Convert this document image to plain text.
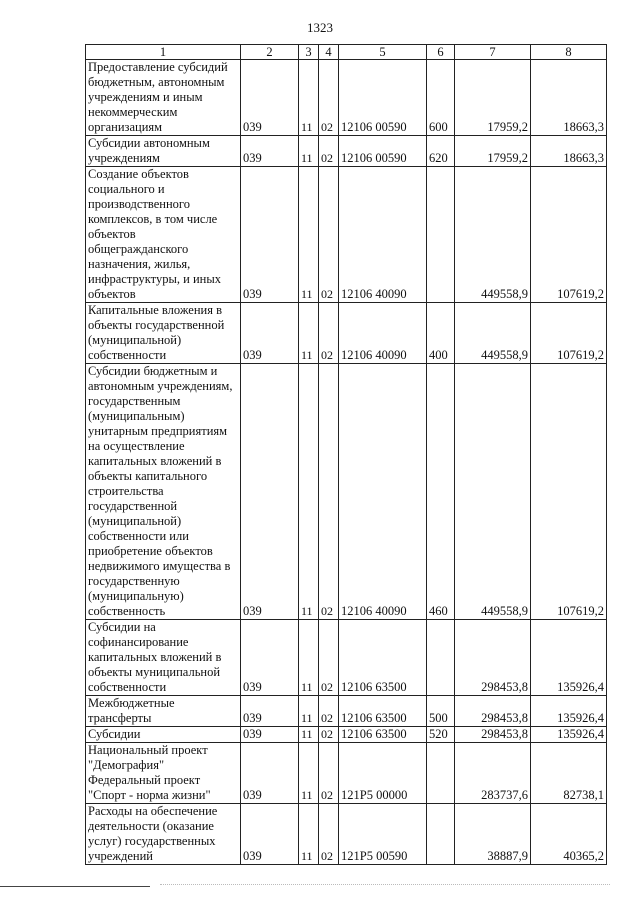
1323
1	2	3	4	5	6	7	8
Предоставление субсидий бюджетным, автономным учреждениям и иным некоммерческим организациям	039	11	02	12106 00590	600	17959,2	18663,3
Субсидии автономным учреждениям	039	11	02	12106 00590	620	17959,2	18663,3
Создание объектов социального и производственного комплексов, в том числе объектов общегражданского назначения, жилья, инфраструктуры, и иных объектов	039	11	02	12106 40090		449558,9	107619,2
Капитальные вложения в объекты государственной (муниципальной) собственности	039	11	02	12106 40090	400	449558,9	107619,2
Субсидии бюджетным и автономным учреждениям, государственным (муниципальным) унитарным предприятиям на осуществление капитальных вложений в объекты капитального строительства государственной (муниципальной) собственности или приобретение объектов недвижимого имущества в государственную (муниципальную) собственность	039	11	02	12106 40090	460	449558,9	107619,2
Субсидии на софинансирование капитальных вложений в объекты муниципальной собственности	039	11	02	12106 63500		298453,8	135926,4
Межбюджетные трансферты	039	11	02	12106 63500	500	298453,8	135926,4
Субсидии	039	11	02	12106 63500	520	298453,8	135926,4
Национальный проект "Демография" Федеральный проект "Спорт - норма жизни"	039	11	02	121P5 00000		283737,6	82738,1
Расходы на обеспечение деятельности (оказание услуг) государственных учреждений	039	11	02	121P5 00590		38887,9	40365,2
